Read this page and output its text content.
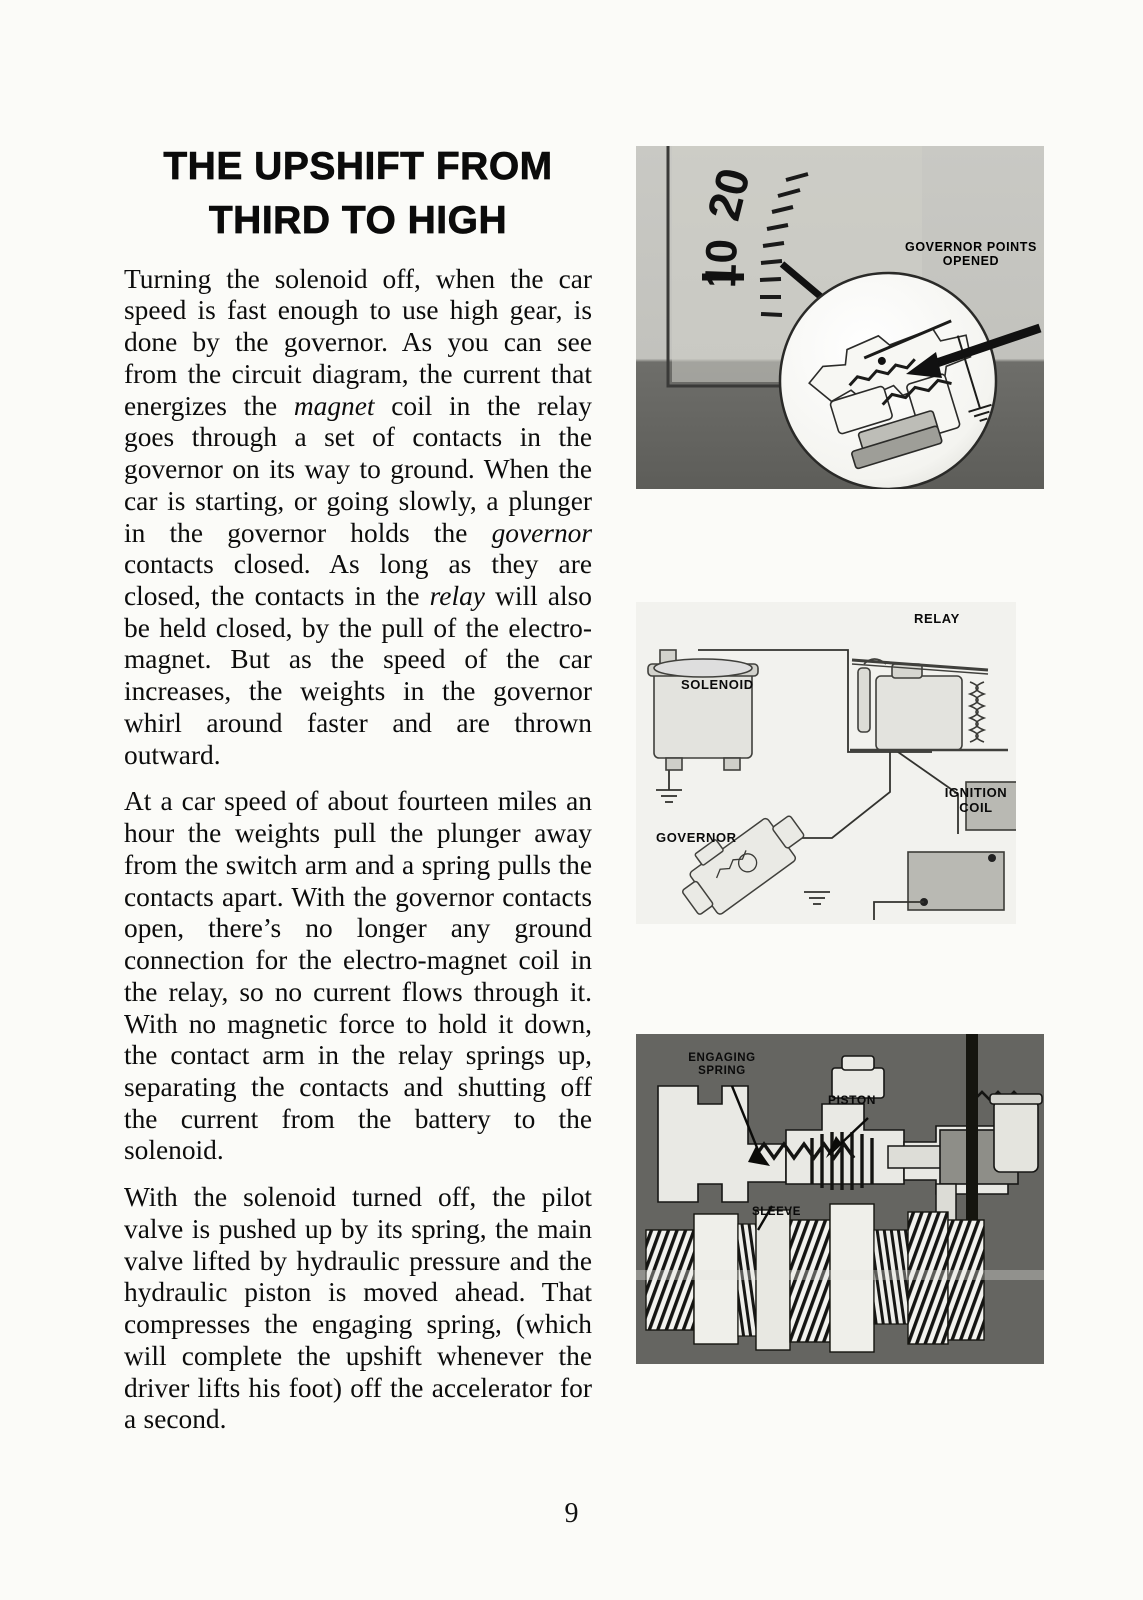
THE UPSHIFT FROM
THIRD TO HIGH

Turning the solenoid off, when the car speed is fast enough to use high gear, is done by the governor. As you can see from the circuit diagram, the current that energizes the magnet coil in the relay goes through a set of contacts in the governor on its way to ground. When the car is starting, or going slowly, a plunger in the governor holds the governor contacts closed. As long as they are closed, the contacts in the relay will also be held closed, by the pull of the electro-magnet. But as the speed of the car increases, the weights in the governor whirl around faster and are thrown outward.

At a car speed of about fourteen miles an hour the weights pull the plunger away from the switch arm and a spring pulls the contacts apart. With the governor contacts open, there’s no longer any ground connection for the electro-magnet coil in the relay, so no current flows through it. With no magnetic force to hold it down, the contact arm in the relay springs up, separating the contacts and shutting off the current from the battery to the solenoid.

With the solenoid turned off, the pilot valve is pushed up by its spring, the main valve lifted by hydraulic pressure and the hydraulic piston is moved ahead. That compresses the engaging spring, (which will complete the upshift whenever the driver lifts his foot) off the accelerator for a second.

20
10	GOVERNOR POINTS
OPENED
SOLENOID
RELAY
GOVERNOR
IGNITION
COIL
ENGAGING
SPRING
PISTON
SLEEVE
9
